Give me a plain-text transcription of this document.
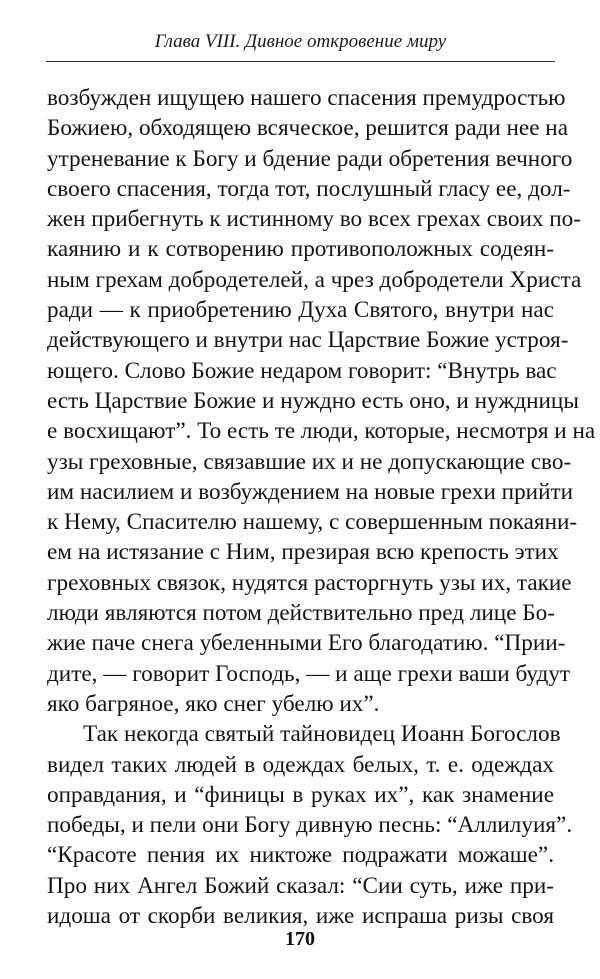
Глава VIII. Дивное откровение миру
возбужден ищущею нашего спасения премудростью
Божиею, обходящею всяческое, решится ради нее на
утреневание к Богу и бдение ради обретения вечного
своего спасения, тогда тот, послушный гласу ее, дол-
жен прибегнуть к истинному во всех грехах своих по-
каянию и к сотворению противоположных содеян-
ным грехам добродетелей, а чрез добродетели Христа
ради — к приобретению Духа Святого, внутри нас
действующего и внутри нас Царствие Божие устроя-
ющего. Слово Божие недаром говорит: “Внутрь вас
есть Царствие Божие и нуждно есть оно, и нуждницы
е восхищают”. То есть те люди, которые, несмотря и на
узы греховные, связавшие их и не допускающие сво-
им насилием и возбуждением на новые грехи прийти
к Нему, Спасителю нашему, с совершенным покаяни-
ем на истязание с Ним, презирая всю крепость этих
греховных связок, нудятся расторгнуть узы их, такие
люди являются потом действительно пред лице Бо-
жие паче снега убеленными Его благодатию. “Прии-
дите, — говорит Господь, — и аще грехи ваши будут
яко багряное, яко снег убелю их”.
Так некогда святый тайновидец Иоанн Богослов
видел таких людей в одеждах белых, т. е. одеждах
оправдания, и “финицы в руках их”, как знамение
победы, и пели они Богу дивную песнь: “Аллилуия”.
“Красоте пения их никтоже подражати можаше”.
Про них Ангел Божий сказал: “Сии суть, иже при-
идоша от скорби великия, иже испраша ризы своя
170
